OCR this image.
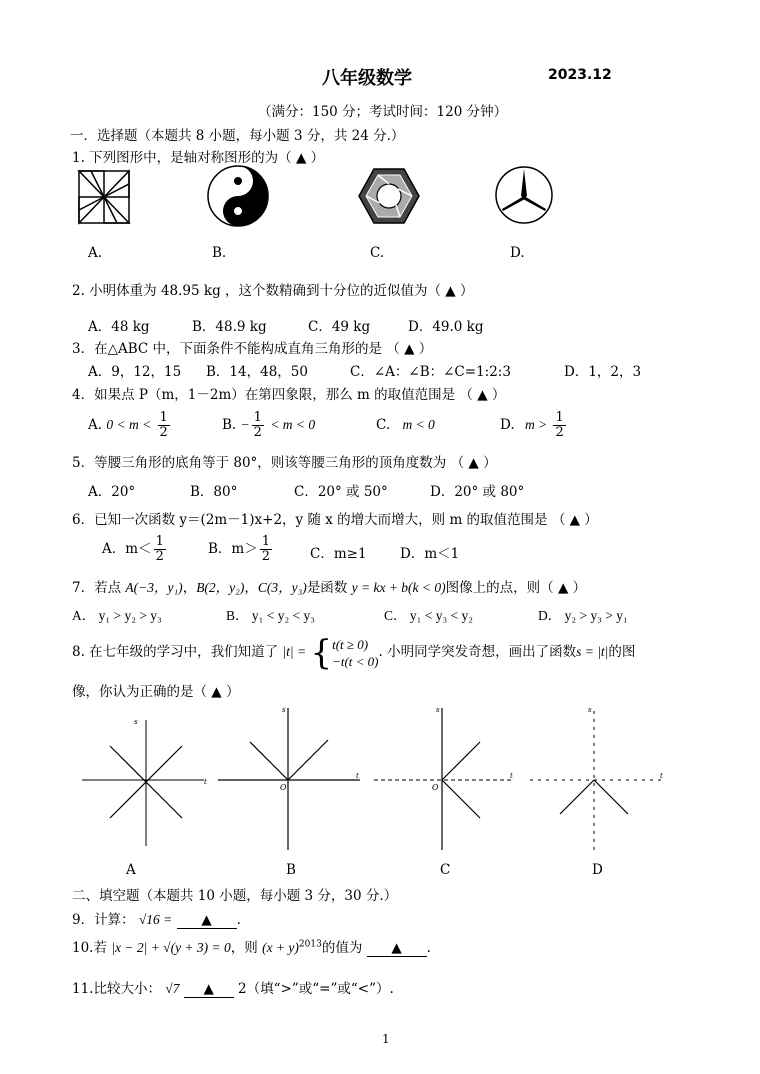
八年级数学	2023.12
（满分：150 分；考试时间：120 分钟）
一．选择题（本题共 8 小题，每小题 3 分，共 24 分.）
1. 下列图形中，是轴对称图形的为（ ▲ ）
A.	B.	C.	D.
2. 小明体重为 48.95 kg ，这个数精确到十分位的近似值为（ ▲ ）
A．48 kg	B．48.9 kg	C．49 kg	D．49.0 kg
3．在△ABC 中，下面条件不能构成直角三角形的是 （ ▲ ）
A．9，12，15 B．14，48，50	C．∠A：∠B：∠C=1:2:3	D．1，2，3
4．如果点 P（m，1－2m）在第四象限，那么 m 的取值范围是 （ ▲ ）
A. $0 < m < \frac{1}{2}$	B. − $\frac{1}{2} < m < 0$	C. m < 0	D. $m > \frac{1}{2}$
5．等腰三角形的底角等于 80°，则该等腰三角形的顶角度数为 （ ▲ ）
A．20°	B．80°	C．20° 或 50°	D．20° 或 80°
6．已知一次函数 y＝(2m－1)x+2，y 随 x 的增大而增大，则 m 的取值范围是 （ ▲ ）
A．$m< \frac{1}{2}$	B．$m> \frac{1}{2}$	C．m≥1 D．m＜1
7．若点 A(−3，y₁)，B(2，y₂)，C(3，y₃)是函数 y = kx + b(k < 0)图像上的点，则（ ▲ ）
A． y₁ > y₂ > y₃	B． y₁ < y₂ < y₃	C． y₁ < y₃ < y₂	D． y₂ > y₃ > y₁
8. 在七年级的学习中，我们知道了 |t| = { t(t ≥ 0)
−t(t < 0)
. 小明同学突发奇想，画出了函数s = |t|的图
像，你认为正确的是（ ▲ ）
s
t
O
s
t
O
s
t
s
t
A	B	C	D
二、填空题（本题共 10 小题，每小题 3 分，30 分.）
9．计算： √16 = ▲ .
10.若 |x − 2| + √(y + 3) = 0，则 $(x + y)^{2013}$的值为 ▲ .
11.比较大小： √7 ▲ 2（填“>”或“=”或“<”）.
1
